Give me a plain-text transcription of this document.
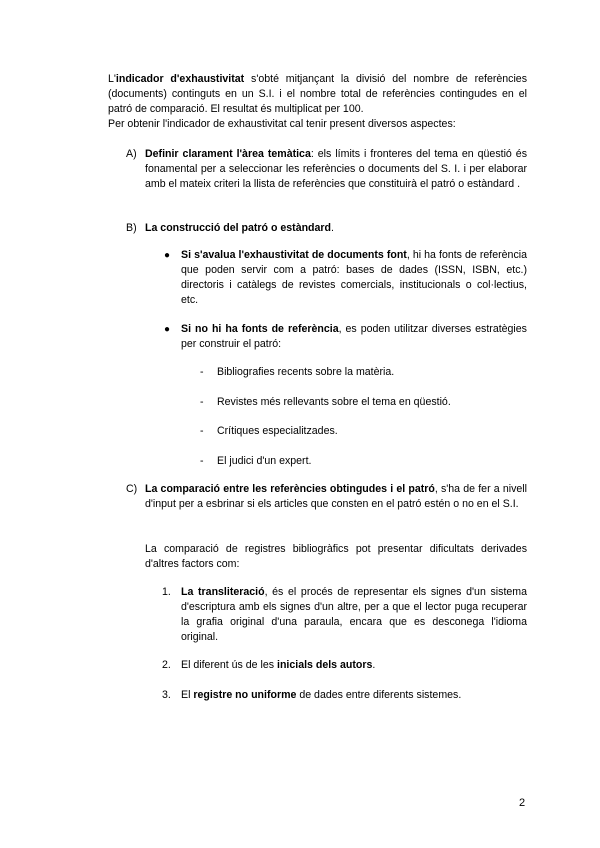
L'indicador d'exhaustivitat s'obté mitjançant la divisió del nombre de referències (documents) continguts en un S.I. i el nombre total de referències contingudes en el patró de comparació. El resultat és multiplicat per 100.

Per obtenir l'indicador de exhaustivitat cal tenir present diversos aspectes:

A) Definir clarament l'àrea temàtica: els límits i fronteres del tema en qüestió és fonamental per a seleccionar les referències o documents del S. I. i per elaborar amb el mateix criteri la llista de referències que constituirà el patró o estàndard .

B) La construcció del patró o estàndard.

● Si s'avalua l'exhaustivitat de documents font, hi ha fonts de referència que poden servir com a patró: bases de dades (ISSN, ISBN, etc.) directoris i catàlegs de revistes comercials, institucionals o col·lectius, etc.

● Si no hi ha fonts de referència, es poden utilitzar diverses estratègies per construir el patró:

- Bibliografies recents sobre la matèria.
- Revistes més rellevants sobre el tema en qüestió.
- Crítiques especialitzades.
- El judici d'un expert.
C) La comparació entre les referències obtingudes i el patró, s'ha de fer a nivell d'input per a esbrinar si els articles que consten en el patró estén o no en el S.I.

La comparació de registres bibliogràfics pot presentar dificultats derivades d'altres factors com:

1. La transliteració, és el procés de representar els signes d'un sistema d'escriptura amb els signes d'un altre, per a que el lector puga recuperar la grafia original d'una paraula, encara que es desconega l'idioma original.

2. El diferent ús de les inicials dels autors.

3. El registre no uniforme de dades entre diferents sistemes.

2
